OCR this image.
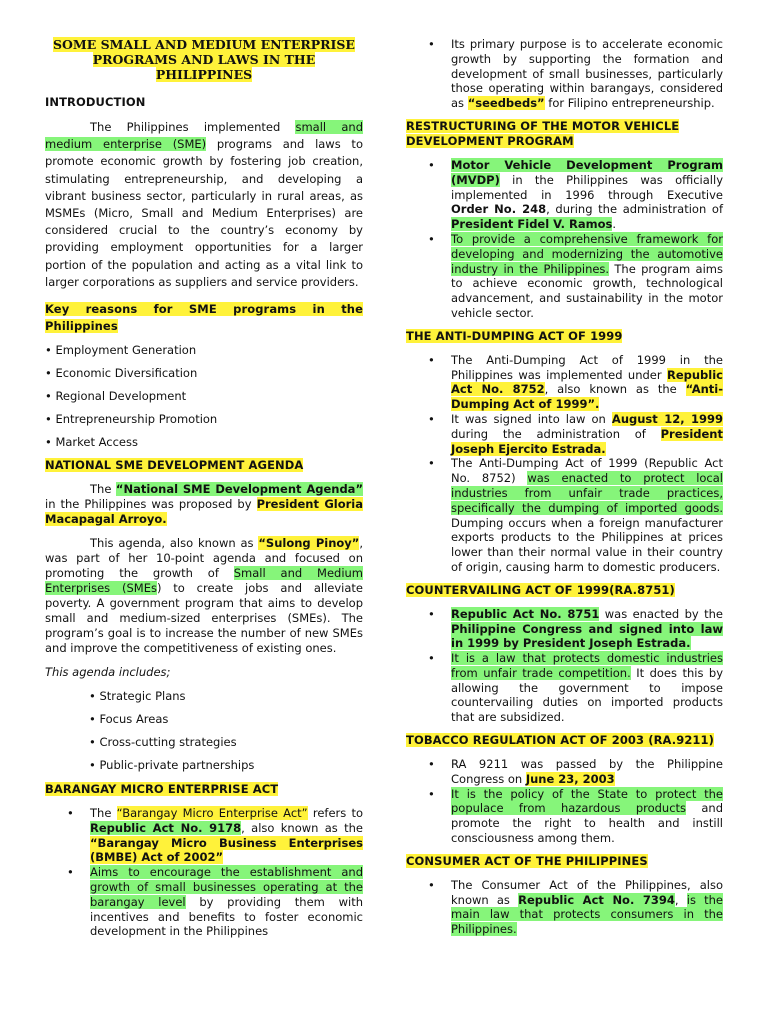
SOME SMALL AND MEDIUM ENTERPRISE
PROGRAMS AND LAWS IN THE
PHILIPPINES

INTRODUCTION

The Philippines implemented small and medium enterprise (SME) programs and laws to promote economic growth by fostering job creation, stimulating entrepreneurship, and developing a vibrant business sector, particularly in rural areas, as MSMEs (Micro, Small and Medium Enterprises) are considered crucial to the country’s economy by providing employment opportunities for a larger portion of the population and acting as a vital link to larger corporations as suppliers and service providers.

Key reasons for SME programs in the Philippines

• Employment Generation

• Economic Diversification

• Regional Development

• Entrepreneurship Promotion

• Market Access

NATIONAL SME DEVELOPMENT AGENDA

The “National SME Development Agenda” in the Philippines was proposed by President Gloria Macapagal Arroyo.

This agenda, also known as “Sulong Pinoy”, was part of her 10-point agenda and focused on promoting the growth of Small and Medium Enterprises (SMEs) to create jobs and alleviate poverty. A government program that aims to develop small and medium-sized enterprises (SMEs). The program’s goal is to increase the number of new SMEs and improve the competitiveness of existing ones.

This agenda includes;

• Strategic Plans

• Focus Areas

• Cross-cutting strategies

• Public-private partnerships

BARANGAY MICRO ENTERPRISE ACT

• The “Barangay Micro Enterprise Act” refers to Republic Act No. 9178, also known as the “Barangay Micro Business Enterprises (BMBE) Act of 2002”
• Aims to encourage the establishment and growth of small businesses operating at the barangay level by providing them with incentives and benefits to foster economic development in the Philippines
• Its primary purpose is to accelerate economic growth by supporting the formation and development of small businesses, particularly those operating within barangays, considered as “seedbeds” for Filipino entrepreneurship.

RESTRUCTURING OF THE MOTOR VEHICLE DEVELOPMENT PROGRAM

• Motor Vehicle Development Program (MVDP) in the Philippines was officially implemented in 1996 through Executive Order No. 248, during the administration of President Fidel V. Ramos.
• To provide a comprehensive framework for developing and modernizing the automotive industry in the Philippines. The program aims to achieve economic growth, technological advancement, and sustainability in the motor vehicle sector.

THE ANTI-DUMPING ACT OF 1999

• The Anti-Dumping Act of 1999 in the Philippines was implemented under Republic Act No. 8752, also known as the “Anti-Dumping Act of 1999”.
• It was signed into law on August 12, 1999 during the administration of President Joseph Ejercito Estrada.
• The Anti-Dumping Act of 1999 (Republic Act No. 8752) was enacted to protect local industries from unfair trade practices, specifically the dumping of imported goods. Dumping occurs when a foreign manufacturer exports products to the Philippines at prices lower than their normal value in their country of origin, causing harm to domestic producers.

COUNTERVAILING ACT OF 1999(RA.8751)

• Republic Act No. 8751 was enacted by the Philippine Congress and signed into law in 1999 by President Joseph Estrada.
• It is a law that protects domestic industries from unfair trade competition. It does this by allowing the government to impose countervailing duties on imported products that are subsidized.

TOBACCO REGULATION ACT OF 2003 (RA.9211)

• RA 9211 was passed by the Philippine Congress on June 23, 2003
• It is the policy of the State to protect the populace from hazardous products and promote the right to health and instill consciousness among them.

CONSUMER ACT OF THE PHILIPPINES

• The Consumer Act of the Philippines, also known as Republic Act No. 7394, is the main law that protects consumers in the Philippines.
